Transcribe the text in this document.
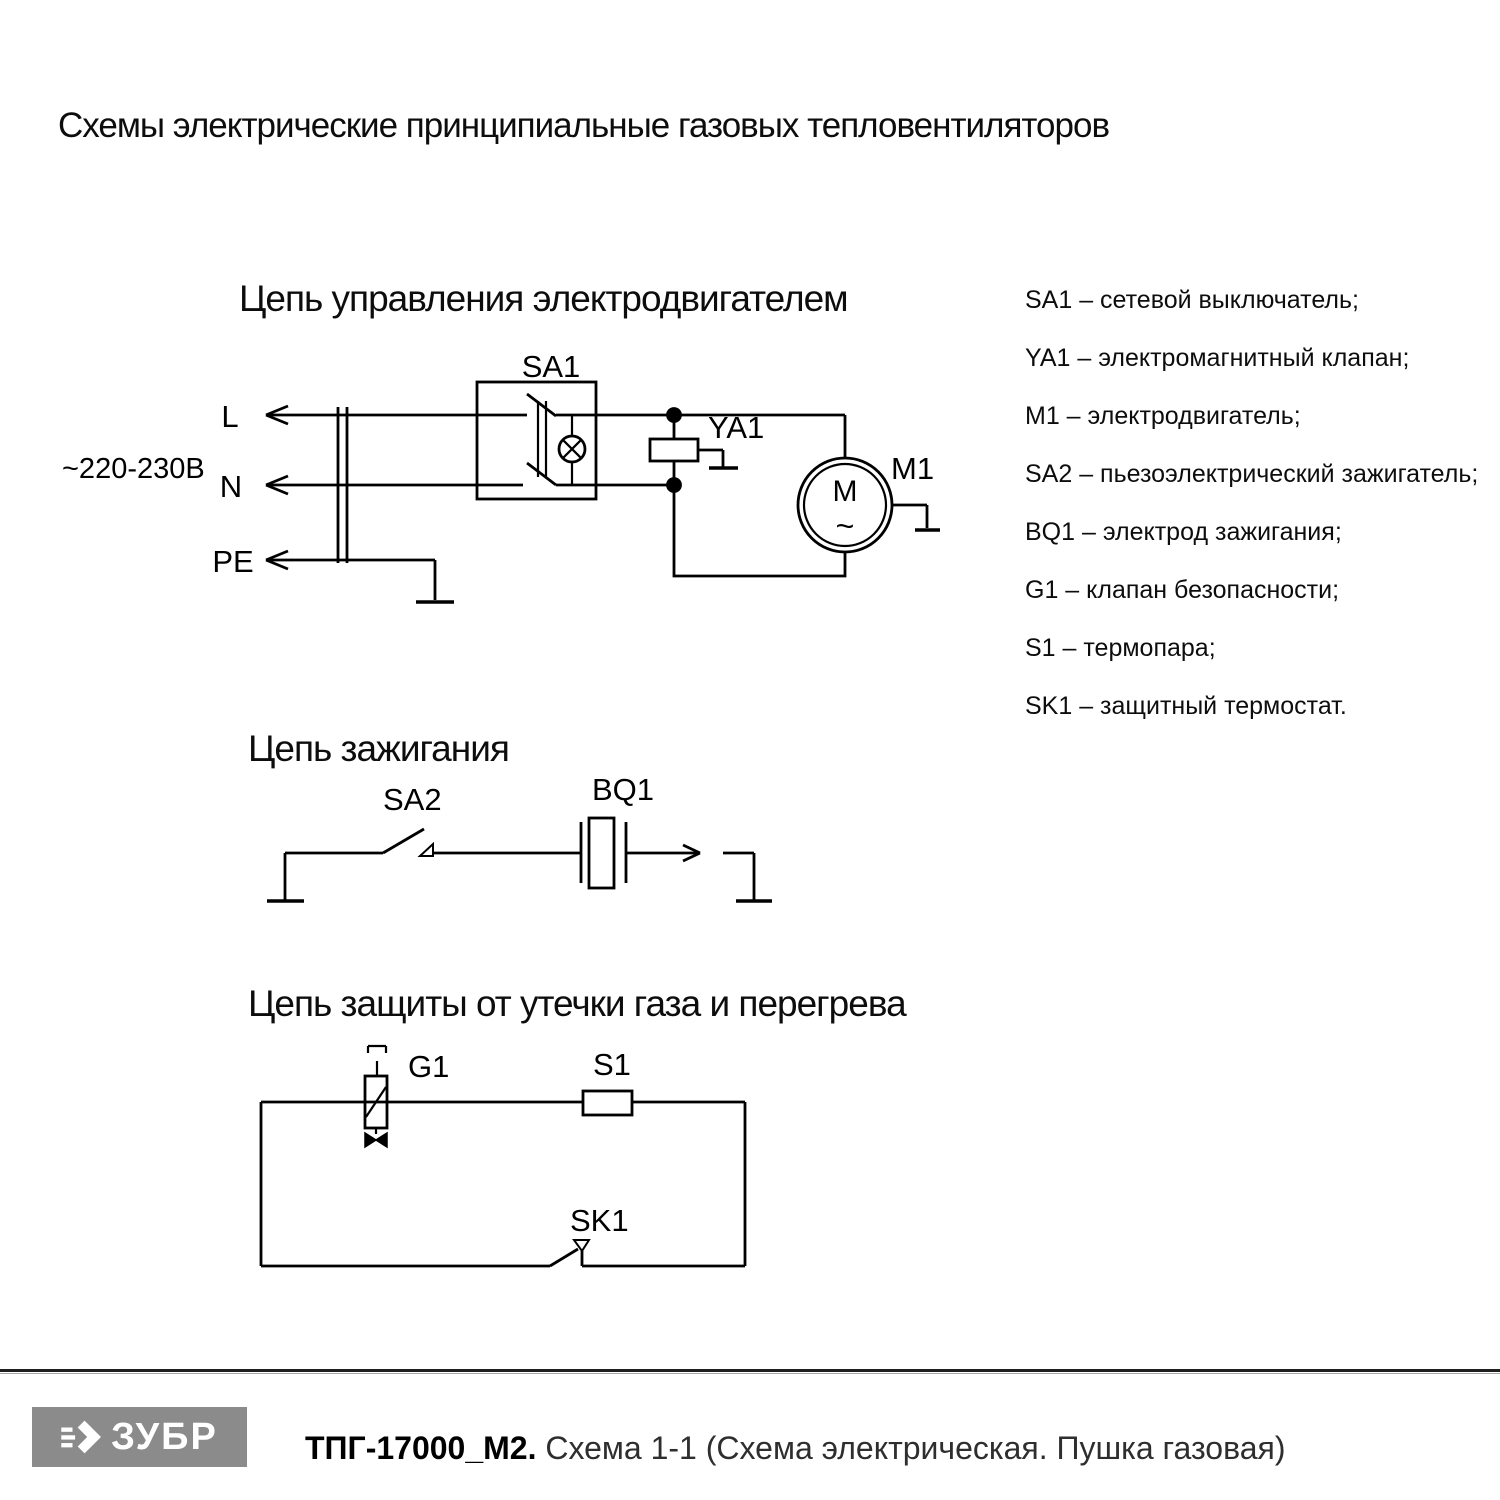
Схемы электрические принципиальные газовых тепловентиляторов
Цепь управления электродвигателем
Цепь зажигания
Цепь защиты от утечки газа и перегрева
~220-230В
L
N
PE
SA1
YA1
M1
M
~
SA2	BQ1
G1	S1
SK1
SA1 – сетевой выключатель;
YA1 – электромагнитный клапан;
M1 – электродвигатель;
SA2 – пьезоэлектрический зажигатель;
BQ1 – электрод зажигания;
G1 – клапан безопасности;
S1 – термопара;
SK1 – защитный термостат.
ЗУБР	ТПГ-17000_М2. Схема 1-1 (Схема электрическая. Пушка газовая)
